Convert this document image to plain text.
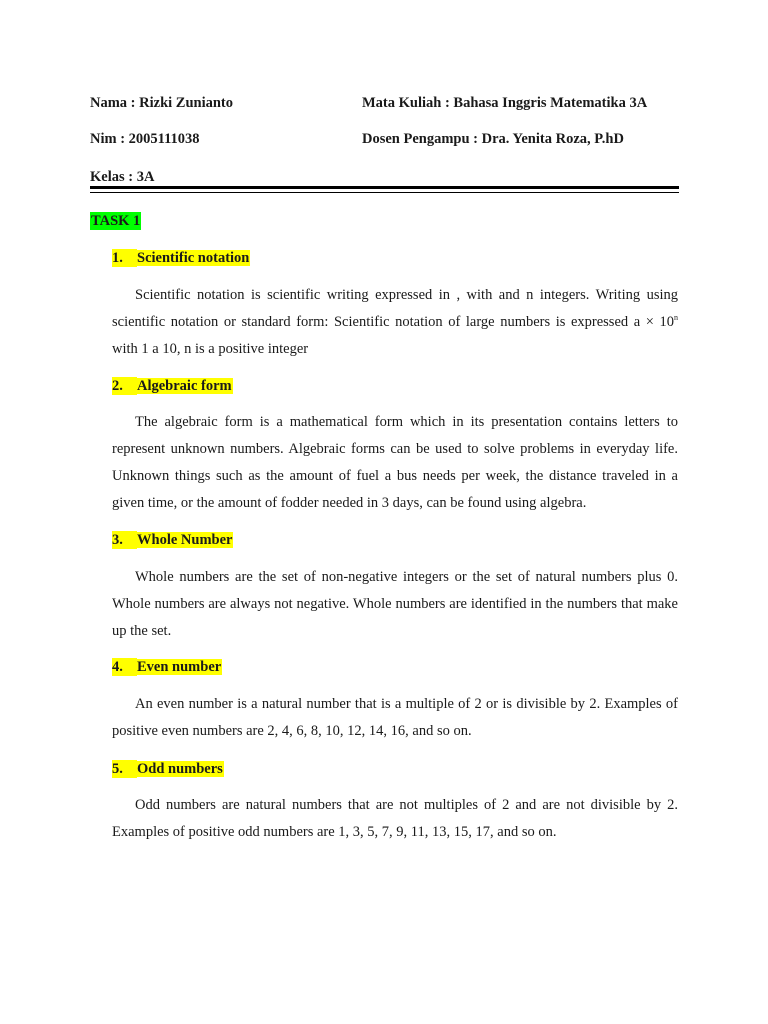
Nama : Rizki Zunianto	Mata Kuliah : Bahasa Inggris Matematika 3A
Nim : 2005111038	Dosen Pengampu : Dra. Yenita Roza, P.hD
Kelas : 3A
TASK 1
1. Scientific notation
Scientific notation is scientific writing expressed in , with and n integers. Writing using scientific notation or standard form: Scientific notation of large numbers is expressed $a \times 10^n$ with 1 a 10, n is a positive integer
2. Algebraic form
The algebraic form is a mathematical form which in its presentation contains letters to represent unknown numbers. Algebraic forms can be used to solve problems in everyday life. Unknown things such as the amount of fuel a bus needs per week, the distance traveled in a given time, or the amount of fodder needed in 3 days, can be found using algebra.
3. Whole Number
Whole numbers are the set of non-negative integers or the set of natural numbers plus 0. Whole numbers are always not negative. Whole numbers are identified in the numbers that make up the set.
4. Even number
An even number is a natural number that is a multiple of 2 or is divisible by 2. Examples of positive even numbers are 2, 4, 6, 8, 10, 12, 14, 16, and so on.
5. Odd numbers
Odd numbers are natural numbers that are not multiples of 2 and are not divisible by 2. Examples of positive odd numbers are 1, 3, 5, 7, 9, 11, 13, 15, 17, and so on.
